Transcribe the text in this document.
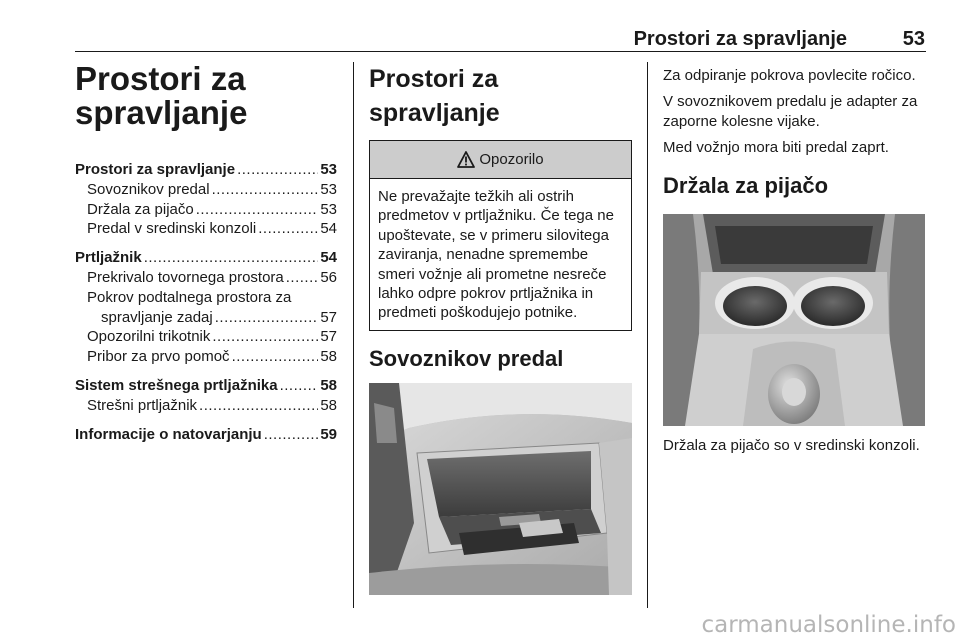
Prostori za spravljanje	53
Prostori za
spravljanje
Prostori za spravljanje .....	53
Sovoznikov predal .....	53
Držala za pijačo .....	53
Predal v sredinski konzoli .....	54
Prtljažnik .....	54
Prekrivalo tovornega prostora ..... 56
Pokrov podtalnega prostora za
spravljanje zadaj .....	57
Opozorilni trikotnik .....	57
Pribor za prvo pomoč .....	58
Sistem strešnega prtljažnika .....	58
Strešni prtljažnik .....	58
Informacije o natovarjanju .....	59
Prostori za spravljanje
Opozorilo
Ne prevažajte težkih ali ostrih predmetov v prtljažniku. Če tega ne upoštevate, se v primeru silovitega zaviranja, nenadne spremembe smeri vožnje ali prometne nesreče lahko odpre pokrov prtljažnika in predmeti poškodujejo potnike.
Sovoznikov predal

Za odpiranje pokrova povlecite ročico.

V sovoznikovem predalu je adapter za zaporne kolesne vijake.

Med vožnjo mora biti predal zaprt.

Držala za pijačo

Držala za pijačo so v sredinski konzoli.

carmanualsonline.info
